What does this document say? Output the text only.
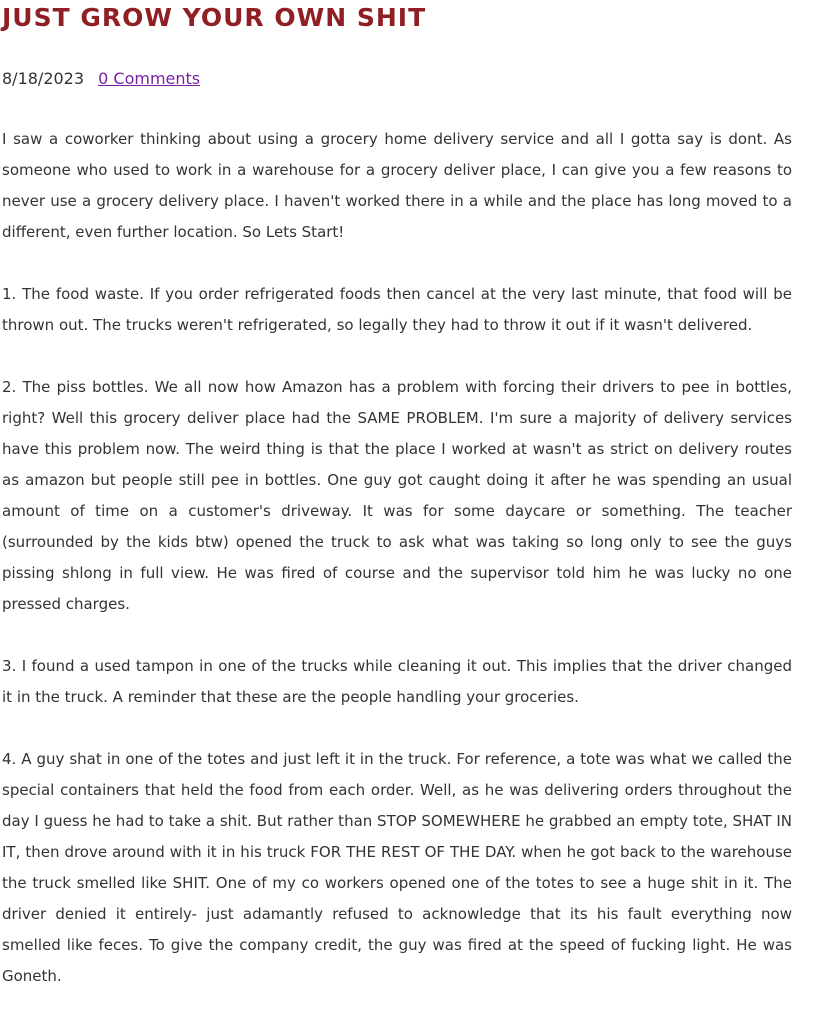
JUST GROW YOUR OWN SHIT
8/18/2023 0 Comments

I saw a coworker thinking about using a grocery home delivery service and all I gotta say is dont. As someone who used to work in a warehouse for a grocery deliver place, I can give you a few reasons to never use a grocery delivery place. I haven't worked there in a while and the place has long moved to a different, even further location. So Lets Start!

1. The food waste. If you order refrigerated foods then cancel at the very last minute, that food will be thrown out. The trucks weren't refrigerated, so legally they had to throw it out if it wasn't delivered.

2. The piss bottles. We all now how Amazon has a problem with forcing their drivers to pee in bottles, right? Well this grocery deliver place had the SAME PROBLEM. I'm sure a majority of delivery services have this problem now. The weird thing is that the place I worked at wasn't as strict on delivery routes as amazon but people still pee in bottles. One guy got caught doing it after he was spending an usual amount of time on a customer's driveway. It was for some daycare or something. The teacher (surrounded by the kids btw) opened the truck to ask what was taking so long only to see the guys pissing shlong in full view. He was fired of course and the supervisor told him he was lucky no one pressed charges.

3. I found a used tampon in one of the trucks while cleaning it out. This implies that the driver changed it in the truck. A reminder that these are the people handling your groceries.

4. A guy shat in one of the totes and just left it in the truck. For reference, a tote was what we called the special containers that held the food from each order. Well, as he was delivering orders throughout the day I guess he had to take a shit. But rather than STOP SOMEWHERE he grabbed an empty tote, SHAT IN IT, then drove around with it in his truck FOR THE REST OF THE DAY. when he got back to the warehouse the truck smelled like SHIT. One of my co workers opened one of the totes to see a huge shit in it. The driver denied it entirely- just adamantly refused to acknowledge that its his fault everything now smelled like feces. To give the company credit, the guy was fired at the speed of fucking light. He was Goneth.
